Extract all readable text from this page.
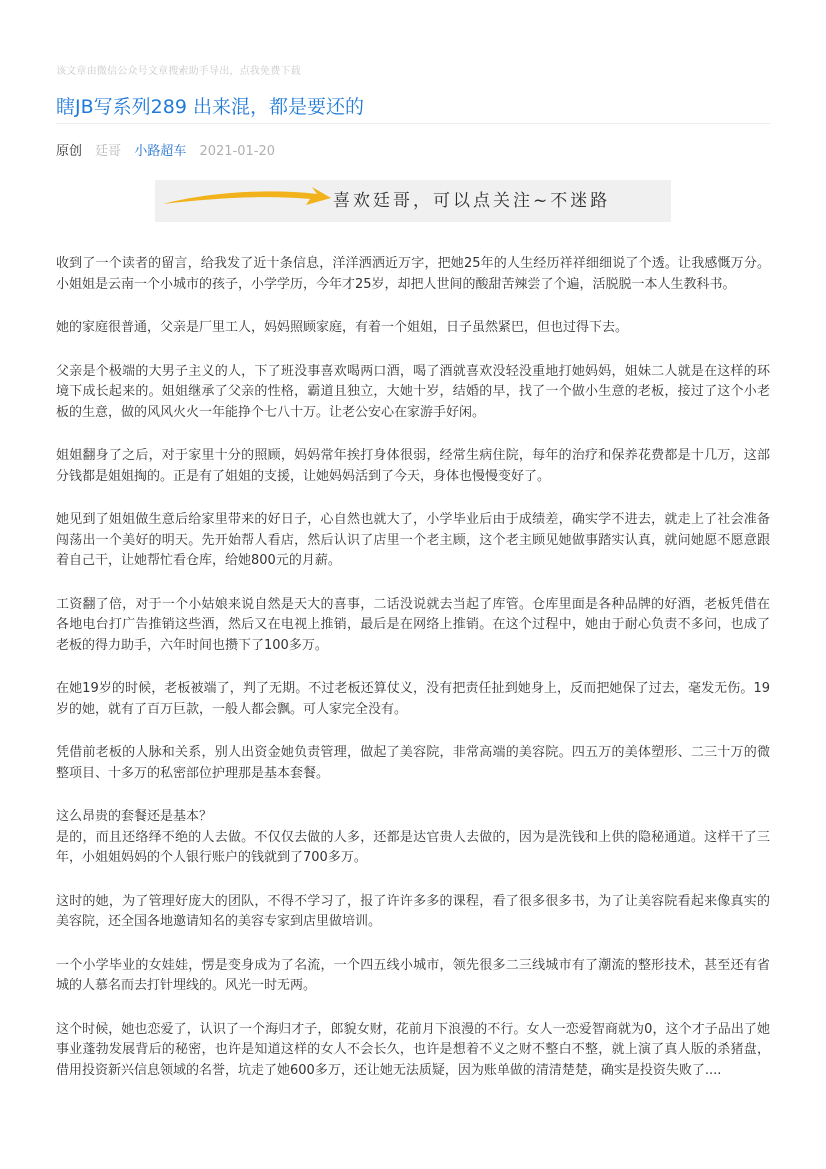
该文章由微信公众号文章搜索助手导出，点我免费下载
瞎JB写系列289 出来混，都是要还的
原创 廷哥 小路超车 2021-01-20
喜欢廷哥，可以点关注~不迷路

收到了一个读者的留言，给我发了近十条信息，洋洋洒洒近万字，把她25年的人生经历祥祥细细说了个透。让我感慨万分。小姐姐是云南一个小城市的孩子，小学学历，今年才25岁，却把人世间的酸甜苦辣尝了个遍，活脱脱一本人生教科书。

她的家庭很普通，父亲是厂里工人，妈妈照顾家庭，有着一个姐姐，日子虽然紧巴，但也过得下去。

父亲是个极端的大男子主义的人，下了班没事喜欢喝两口酒，喝了酒就喜欢没轻没重地打她妈妈，姐妹二人就是在这样的环境下成长起来的。姐姐继承了父亲的性格，霸道且独立，大她十岁，结婚的早，找了一个做小生意的老板，接过了这个小老板的生意，做的风风火火一年能挣个七八十万。让老公安心在家游手好闲。

姐姐翻身了之后，对于家里十分的照顾，妈妈常年挨打身体很弱，经常生病住院，每年的治疗和保养花费都是十几万，这部分钱都是姐姐掏的。正是有了姐姐的支援，让她妈妈活到了今天，身体也慢慢变好了。

她见到了姐姐做生意后给家里带来的好日子，心自然也就大了，小学毕业后由于成绩差，确实学不进去，就走上了社会准备闯荡出一个美好的明天。先开始帮人看店，然后认识了店里一个老主顾，这个老主顾见她做事踏实认真，就问她愿不愿意跟着自己干，让她帮忙看仓库，给她800元的月薪。

工资翻了倍，对于一个小姑娘来说自然是天大的喜事，二话没说就去当起了库管。仓库里面是各种品牌的好酒，老板凭借在各地电台打广告推销这些酒，然后又在电视上推销，最后是在网络上推销。在这个过程中，她由于耐心负责不多问，也成了老板的得力助手，六年时间也攒下了100多万。

在她19岁的时候，老板被端了，判了无期。不过老板还算仗义，没有把责任扯到她身上，反而把她保了过去，毫发无伤。19岁的她，就有了百万巨款，一般人都会飘。可人家完全没有。

凭借前老板的人脉和关系，别人出资金她负责管理，做起了美容院，非常高端的美容院。四五万的美体塑形、二三十万的微整项目、十多万的私密部位护理那是基本套餐。

这么昂贵的套餐还是基本？
是的，而且还络绎不绝的人去做。不仅仅去做的人多，还都是达官贵人去做的，因为是洗钱和上供的隐秘通道。这样干了三年，小姐姐妈妈的个人银行账户的钱就到了700多万。

这时的她，为了管理好庞大的团队，不得不学习了，报了许许多多的课程，看了很多很多书，为了让美容院看起来像真实的美容院，还全国各地邀请知名的美容专家到店里做培训。

一个小学毕业的女娃娃，愣是变身成为了名流，一个四五线小城市，领先很多二三线城市有了潮流的整形技术，甚至还有省城的人慕名而去打针埋线的。风光一时无两。

这个时候，她也恋爱了，认识了一个海归才子，郎貌女财，花前月下浪漫的不行。女人一恋爱智商就为0，这个才子品出了她事业蓬勃发展背后的秘密，也许是知道这样的女人不会长久，也许是想着不义之财不整白不整，就上演了真人版的杀猪盘，借用投资新兴信息领域的名誉，坑走了她600多万，还让她无法质疑，因为账单做的清清楚楚，确实是投资失败了....
